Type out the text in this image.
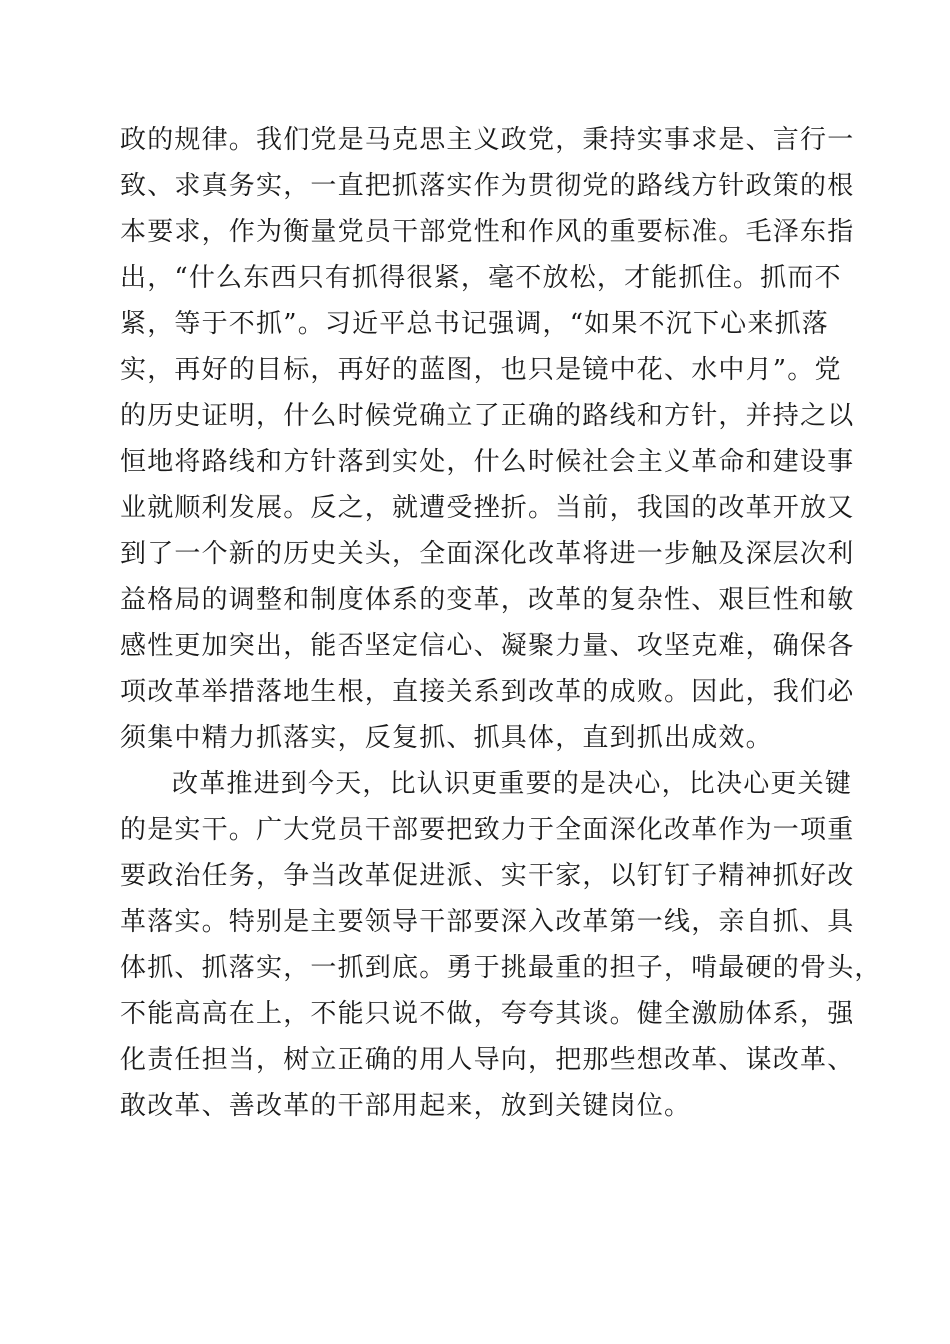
政的规律。我们党是马克思主义政党，秉持实事求是、言行一
致、求真务实，一直把抓落实作为贯彻党的路线方针政策的根
本要求，作为衡量党员干部党性和作风的重要标准。毛泽东指
出，“什么东西只有抓得很紧，毫不放松，才能抓住。抓而不
紧，等于不抓”。习近平总书记强调，“如果不沉下心来抓落
实，再好的目标，再好的蓝图，也只是镜中花、水中月”。党
的历史证明，什么时候党确立了正确的路线和方针，并持之以
恒地将路线和方针落到实处，什么时候社会主义革命和建设事
业就顺利发展。反之，就遭受挫折。当前，我国的改革开放又
到了一个新的历史关头，全面深化改革将进一步触及深层次利
益格局的调整和制度体系的变革，改革的复杂性、艰巨性和敏
感性更加突出，能否坚定信心、凝聚力量、攻坚克难，确保各
项改革举措落地生根，直接关系到改革的成败。因此，我们必
须集中精力抓落实，反复抓、抓具体，直到抓出成效。
改革推进到今天，比认识更重要的是决心，比决心更关键
的是实干。广大党员干部要把致力于全面深化改革作为一项重
要政治任务，争当改革促进派、实干家，以钉钉子精神抓好改
革落实。特别是主要领导干部要深入改革第一线，亲自抓、具
体抓、抓落实，一抓到底。勇于挑最重的担子，啃最硬的骨头，
不能高高在上，不能只说不做，夸夸其谈。健全激励体系，强
化责任担当，树立正确的用人导向，把那些想改革、谋改革、
敢改革、善改革的干部用起来，放到关键岗位。
